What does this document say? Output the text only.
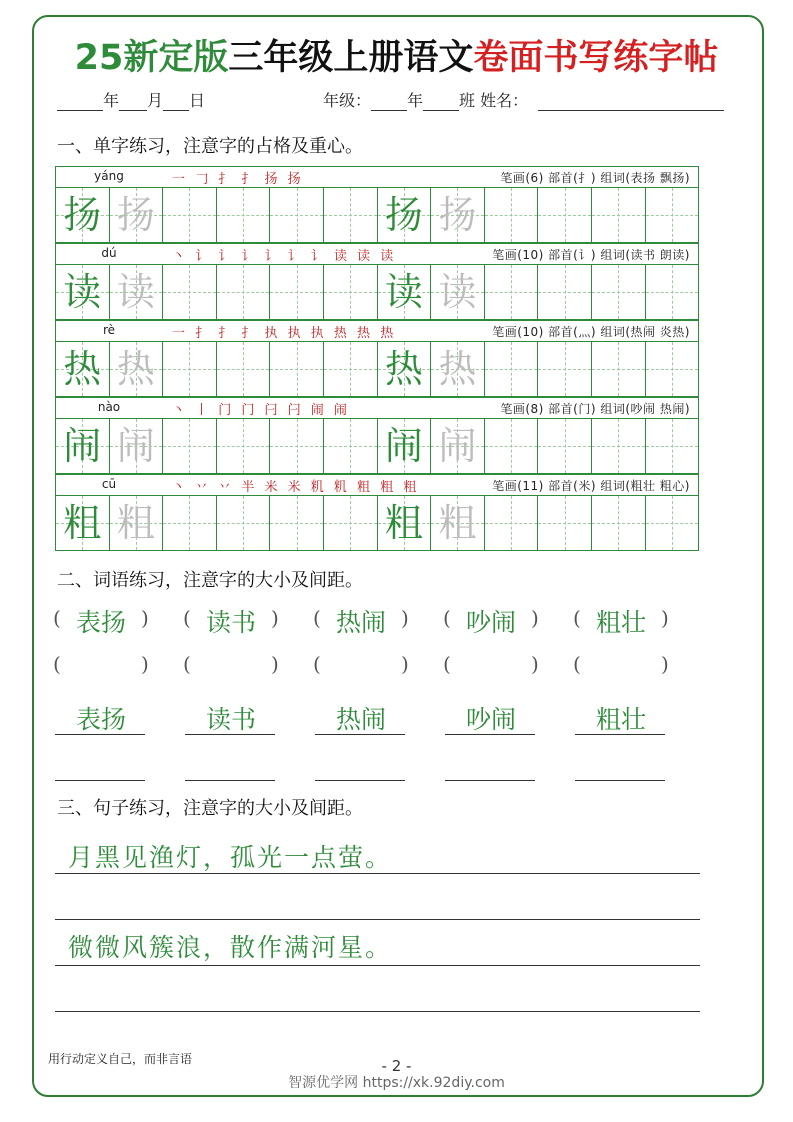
25新定版三年级上册语文卷面书写练字帖
年 月 日	年级： 年 班 姓名：
一、单字练习，注意字的占格及重心。
yáng	一 𠃌 扌 扌 扬 扬	笔画(6) 部首(扌) 组词(表扬 飘扬)
扬 扬	扬 扬
dú	丶 讠 讠 讠 讠 讠 讠 读 读 读	笔画(10) 部首(讠) 组词(读书 朗读)
读 读	读 读
rè	一 扌 扌 扌 执 执 执 热 热 热	笔画(10) 部首(灬) 组词(热闹 炎热)
热 热	热 热
nào	丶 丨 门 门 闩 闩 闹 闹	笔画(8) 部首(门) 组词(吵闹 热闹)
闹 闹	闹 闹
cū	丶 丷 丷 半 米 米 籶 籶 粗 粗 粗	笔画(11) 部首(米) 组词(粗壮 粗心)
粗 粗	粗 粗
二、词语练习，注意字的大小及间距。
(	)
表扬
(	)
表扬
(	)
读书
(	)
读书
(	)
热闹
(	)
热闹
(	)
吵闹
(	)
吵闹
(	)
粗壮
(	)
粗壮
三、句子练习，注意字的大小及间距。
月黑见渔灯，孤光一点萤。
微微风簇浪，散作满河星。
用行动定义自己，而非言语	- 2 -
智源优学网 https://xk.92diy.com
